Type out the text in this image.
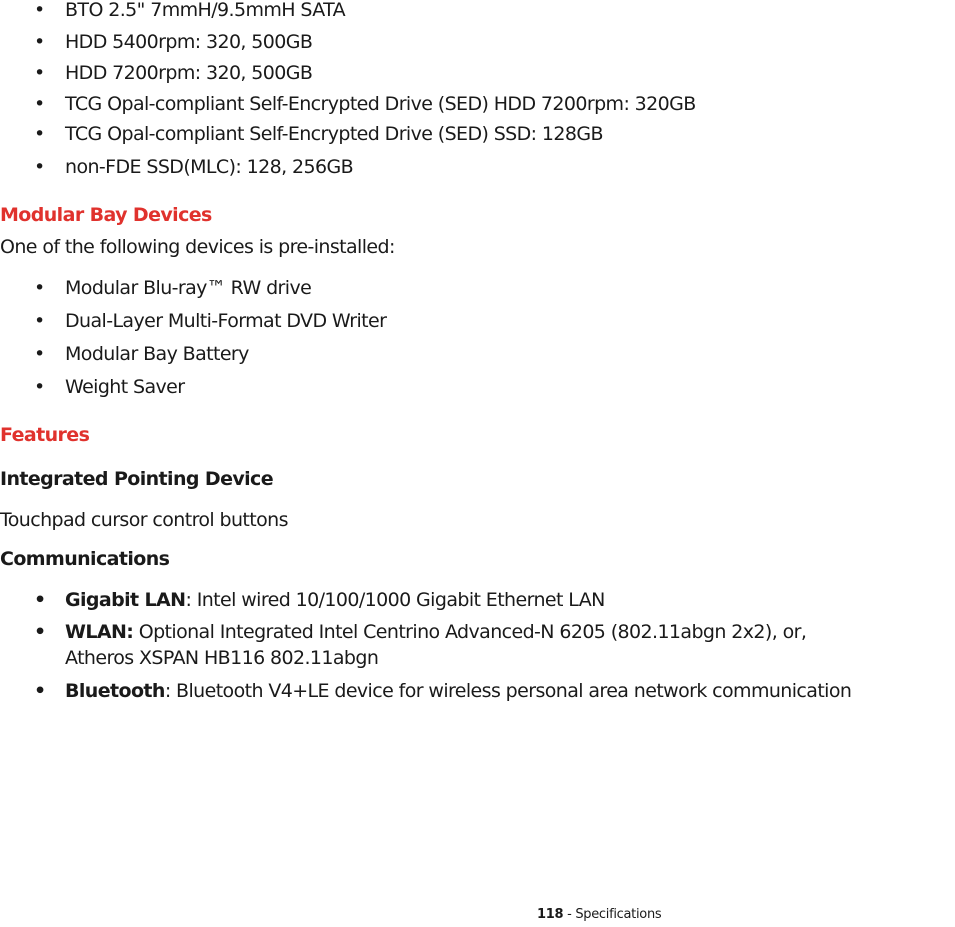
•	BTO 2.5" 7mmH/9.5mmH SATA
•	HDD 5400rpm: 320, 500GB
•	HDD 7200rpm: 320, 500GB
•	TCG Opal-compliant Self-Encrypted Drive (SED) HDD 7200rpm: 320GB
•	TCG Opal-compliant Self-Encrypted Drive (SED) SSD: 128GB
•	non-FDE SSD(MLC): 128, 256GB
Modular Bay Devices
One of the following devices is pre-installed:
•	Modular Blu-ray™ RW drive
•	Dual-Layer Multi-Format DVD Writer
•	Modular Bay Battery
•	Weight Saver
Features
Integrated Pointing Device
Touchpad cursor control buttons
Communications
•	Gigabit LAN: Intel wired 10/100/1000 Gigabit Ethernet LAN
•	WLAN: Optional Integrated Intel Centrino Advanced-N 6205 (802.11abgn 2x2), or,
Atheros XSPAN HB116 802.11abgn
•	Bluetooth: Bluetooth V4+LE device for wireless personal area network communication
118 - Specifications
